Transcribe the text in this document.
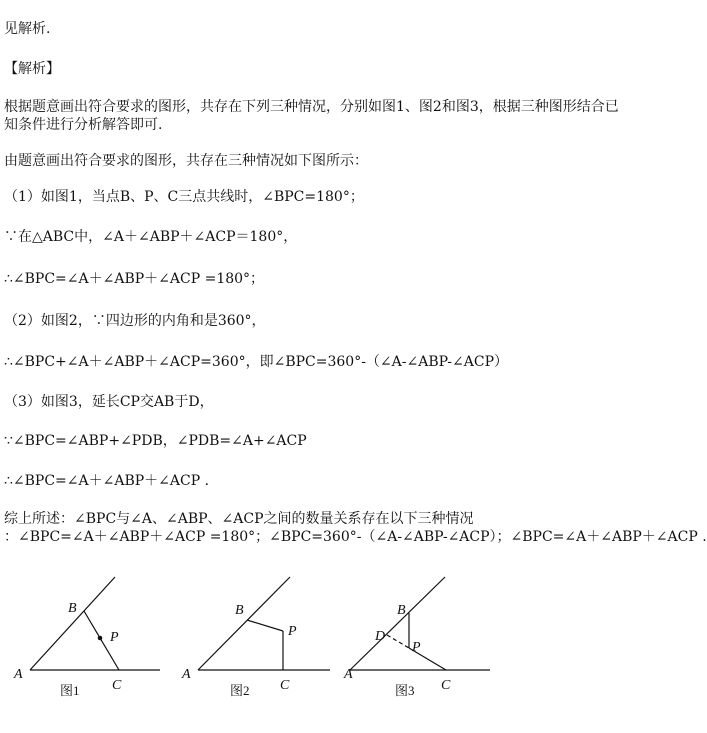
见解析.
【解析】
根据题意画出符合要求的图形，共存在下列三种情况，分别如图1、图2和图3，根据三种图形结合已知条件进行分析解答即可.
由题意画出符合要求的图形，共存在三种情况如下图所示：
（1）如图1，当点B、P、C三点共线时，∠BPC=180°；
∵在△ABC中，∠A＋∠ABP＋∠ACP＝180°，
∴∠BPC=∠A＋∠ABP＋∠ACP =180°；
（2）如图2，∵四边形的内角和是360°，
∴∠BPC+∠A＋∠ABP＋∠ACP=360°，即∠BPC=360°-（∠A-∠ABP-∠ACP）
（3）如图3，延长CP交AB于D，
∵∠BPC=∠ABP+∠PDB，∠PDB=∠A+∠ACP
∴∠BPC=∠A＋∠ABP＋∠ACP .
综上所述：∠BPC与∠A、∠ABP、∠ACP之间的数量关系存在以下三种情况
：∠BPC=∠A＋∠ABP＋∠ACP =180°；∠BPC=360°-（∠A-∠ABP-∠ACP）；∠BPC=∠A＋∠ABP＋∠ACP .
A
B
C
P
A
B
C
P
A
B
C
P
D
图1	图2	图3
